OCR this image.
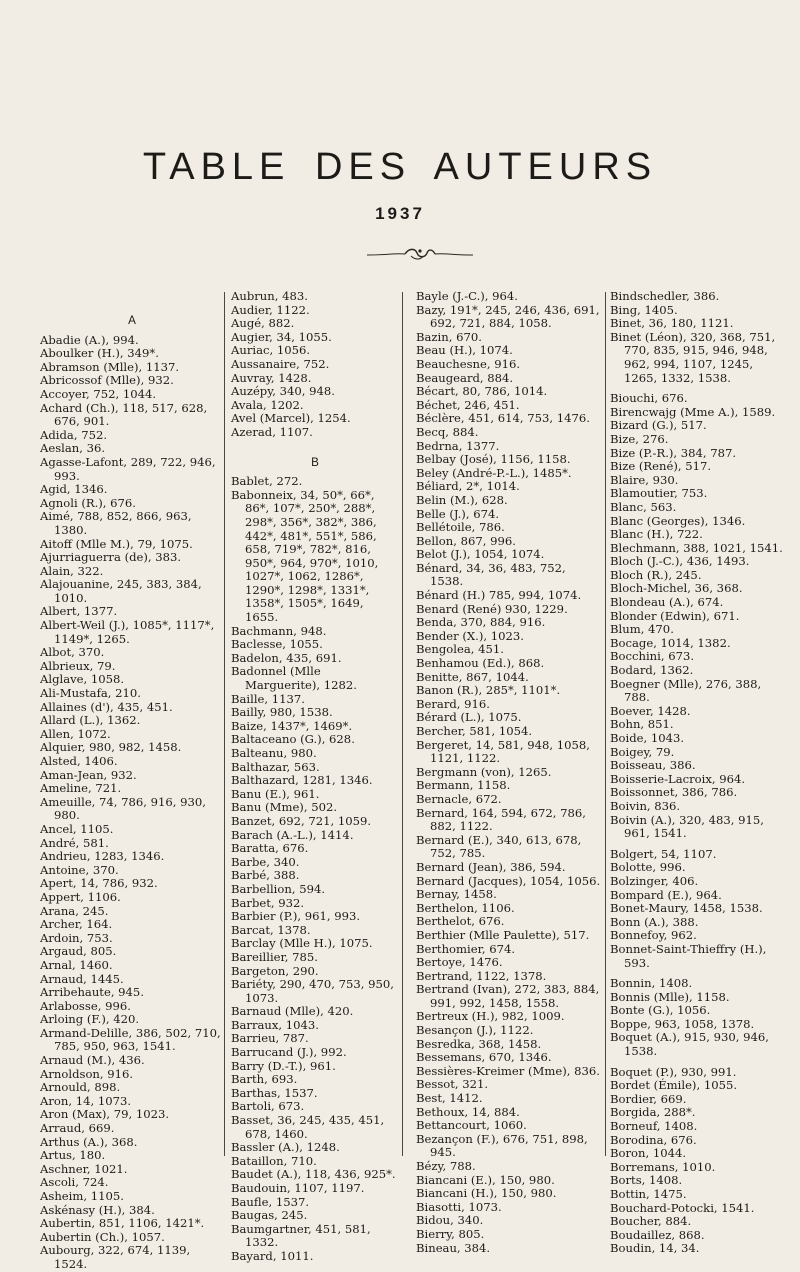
TABLE DES AUTEURS
1937
A
Abadie (A.), 994.
Aboulker (H.), 349*.
Abramson (Mlle), 1137.
Abricossof (Mlle), 932.
Accoyer, 752, 1044.
Achard (Ch.), 118, 517, 628, 676, 901.
Adida, 752.
Aeslan, 36.
Agasse-Lafont, 289, 722, 946, 993.
Agid, 1346.
Agnoli (R.), 676.
Aimé, 788, 852, 866, 963, 1380.
Aitoff (Mlle M.), 79, 1075.
Ajurriaguerra (de), 383.
Alain, 322.
Alajouanine, 245, 383, 384, 1010.
Albert, 1377.
Albert-Weil (J.), 1085*, 1117*, 1149*, 1265.
Albot, 370.
Albrieux, 79.
Alglave, 1058.
Ali-Mustafa, 210.
Allaines (d'), 435, 451.
Allard (L.), 1362.
Allen, 1072.
Alquier, 980, 982, 1458.
Alsted, 1406.
Aman-Jean, 932.
Ameline, 721.
Ameuille, 74, 786, 916, 930, 980.
Ancel, 1105.
André, 581.
Andrieu, 1283, 1346.
Antoine, 370.
Apert, 14, 786, 932.
Appert, 1106.
Arana, 245.
Archer, 164.
Ardoin, 753.
Argaud, 805.
Arnal, 1460.
Arnaud, 1445.
Arribehaute, 945.
Arlabosse, 996.
Arloing (F.), 420.
Armand-Delille, 386, 502, 710, 785, 950, 963, 1541.
Arnaud (M.), 436.
Arnoldson, 916.
Arnould, 898.
Aron, 14, 1073.
Aron (Max), 79, 1023.
Arraud, 669.
Arthus (A.), 368.
Artus, 180.
Aschner, 1021.
Ascoli, 724.
Asheim, 1105.
Askénasy (H.), 384.
Aubertin, 851, 1106, 1421*.
Aubertin (Ch.), 1057.
Aubourg, 322, 674, 1139, 1524.
Aubrun, 483.
Audier, 1122.
Augé, 882.
Augier, 34, 1055.
Auriac, 1056.
Aussanaire, 752.
Auvray, 1428.
Auzépy, 340, 948.
Avala, 1202.
Avel (Marcel), 1254.
Azerad, 1107.
B
Bablet, 272.
Babonneix, 34, 50*, 66*, 86*, 107*, 250*, 288*, 298*, 356*, 382*, 386, 442*, 481*, 551*, 586, 658, 719*, 782*, 816, 950*, 964, 970*, 1010, 1027*, 1062, 1286*, 1290*, 1298*, 1331*, 1358*, 1505*, 1649, 1655.
Bachmann, 948.
Baclesse, 1055.
Badelon, 435, 691.
Badonnel (Mlle Marguerite), 1282.
Baille, 1137.
Bailly, 980, 1538.
Baize, 1437*, 1469*.
Baltaceano (G.), 628.
Balteanu, 980.
Balthazar, 563.
Balthazard, 1281, 1346.
Banu (E.), 961.
Banu (Mme), 502.
Banzet, 692, 721, 1059.
Barach (A.-L.), 1414.
Baratta, 676.
Barbe, 340.
Barbé, 388.
Barbellion, 594.
Barbet, 932.
Barbier (P.), 961, 993.
Barcat, 1378.
Barclay (Mlle H.), 1075.
Bareillier, 785.
Bargeton, 290.
Bariéty, 290, 470, 753, 950, 1073.
Barnaud (Mlle), 420.
Barraux, 1043.
Barrieu, 787.
Barrucand (J.), 992.
Barry (D.-T.), 961.
Barth, 693.
Barthas, 1537.
Bartoli, 673.
Basset, 36, 245, 435, 451, 678, 1460.
Bassler (A.), 1248.
Bataillon, 710.
Baudet (A.), 118, 436, 925*.
Baudouin, 1107, 1197.
Baufle, 1537.
Baugas, 245.
Baumgartner, 451, 581, 1332.
Bayard, 1011.
Bayle (J.-C.), 964.
Bazy, 191*, 245, 246, 436, 691, 692, 721, 884, 1058.
Bazin, 670.
Beau (H.), 1074.
Beauchesne, 916.
Beaugeard, 884.
Bécart, 80, 786, 1014.
Béchet, 246, 451.
Béclère, 451, 614, 753, 1476.
Becq, 884.
Bedrna, 1377.
Belbay (José), 1156, 1158.
Beley (André-P.-L.), 1485*.
Béliard, 2*, 1014.
Belin (M.), 628.
Belle (J.), 674.
Bellétoile, 786.
Bellon, 867, 996.
Belot (J.), 1054, 1074.
Bénard, 34, 36, 483, 752, 1538.
Bénard (H.) 785, 994, 1074.
Benard (René) 930, 1229.
Benda, 370, 884, 916.
Bender (X.), 1023.
Bengolea, 451.
Benhamou (Ed.), 868.
Benitte, 867, 1044.
Banon (R.), 285*, 1101*.
Berard, 916.
Bérard (L.), 1075.
Bercher, 581, 1054.
Bergeret, 14, 581, 948, 1058, 1121, 1122.
Bergmann (von), 1265.
Bermann, 1158.
Bernacle, 672.
Bernard, 164, 594, 672, 786, 882, 1122.
Bernard (E.), 340, 613, 678, 752, 785.
Bernard (Jean), 386, 594.
Bernard (Jacques), 1054, 1056.
Bernay, 1458.
Berthelon, 1106.
Berthelot, 676.
Berthier (Mlle Paulette), 517.
Berthomier, 674.
Bertoye, 1476.
Bertrand, 1122, 1378.
Bertrand (Ivan), 272, 383, 884, 991, 992, 1458, 1558.
Bertreux (H.), 982, 1009.
Besançon (J.), 1122.
Besredka, 368, 1458.
Bessemans, 670, 1346.
Bessières-Kreimer (Mme), 836.
Bessot, 321.
Best, 1412.
Bethoux, 14, 884.
Bettancourt, 1060.
Bezançon (F.), 676, 751, 898, 945.
Bézy, 788.
Biancani (E.), 150, 980.
Biancani (H.), 150, 980.
Biasotti, 1073.
Bidou, 340.
Bierry, 805.
Bineau, 384.
Bindschedler, 386.
Bing, 1405.
Binet, 36, 180, 1121.
Binet (Léon), 320, 368, 751, 770, 835, 915, 946, 948, 962, 994, 1107, 1245, 1265, 1332, 1538.
Biouchi, 676.
Birencwajg (Mme A.), 1589.
Bizard (G.), 517.
Bize, 276.
Bize (P.-R.), 384, 787.
Bize (René), 517.
Blaire, 930.
Blamoutier, 753.
Blanc, 563.
Blanc (Georges), 1346.
Blanc (H.), 722.
Blechmann, 388, 1021, 1541.
Bloch (J.-C.), 436, 1493.
Bloch (R.), 245.
Bloch-Michel, 36, 368.
Blondeau (A.), 674.
Blonder (Edwin), 671.
Blum, 470.
Bocage, 1014, 1382.
Bocchini, 673.
Bodard, 1362.
Boegner (Mlle), 276, 388, 788.
Boever, 1428.
Bohn, 851.
Boide, 1043.
Boigey, 79.
Boisseau, 386.
Boisserie-Lacroix, 964.
Boissonnet, 386, 786.
Boivin, 836.
Boivin (A.), 320, 483, 915, 961, 1541.
Bolgert, 54, 1107.
Bolotte, 996.
Bolzinger, 406.
Bompard (E.), 964.
Bonet-Maury, 1458, 1538.
Bonn (A.), 388.
Bonnefoy, 962.
Bonnet-Saint-Thieffry (H.), 593.
Bonnin, 1408.
Bonnis (Mlle), 1158.
Bonte (G.), 1056.
Boppe, 963, 1058, 1378.
Boquet (A.), 915, 930, 946, 1538.
Boquet (P.), 930, 991.
Bordet (Émile), 1055.
Bordier, 669.
Borgida, 288*.
Borneuf, 1408.
Borodina, 676.
Boron, 1044.
Borremans, 1010.
Borts, 1408.
Bottin, 1475.
Bouchard-Potocki, 1541.
Boucher, 884.
Boudaillez, 868.
Boudin, 14, 34.
